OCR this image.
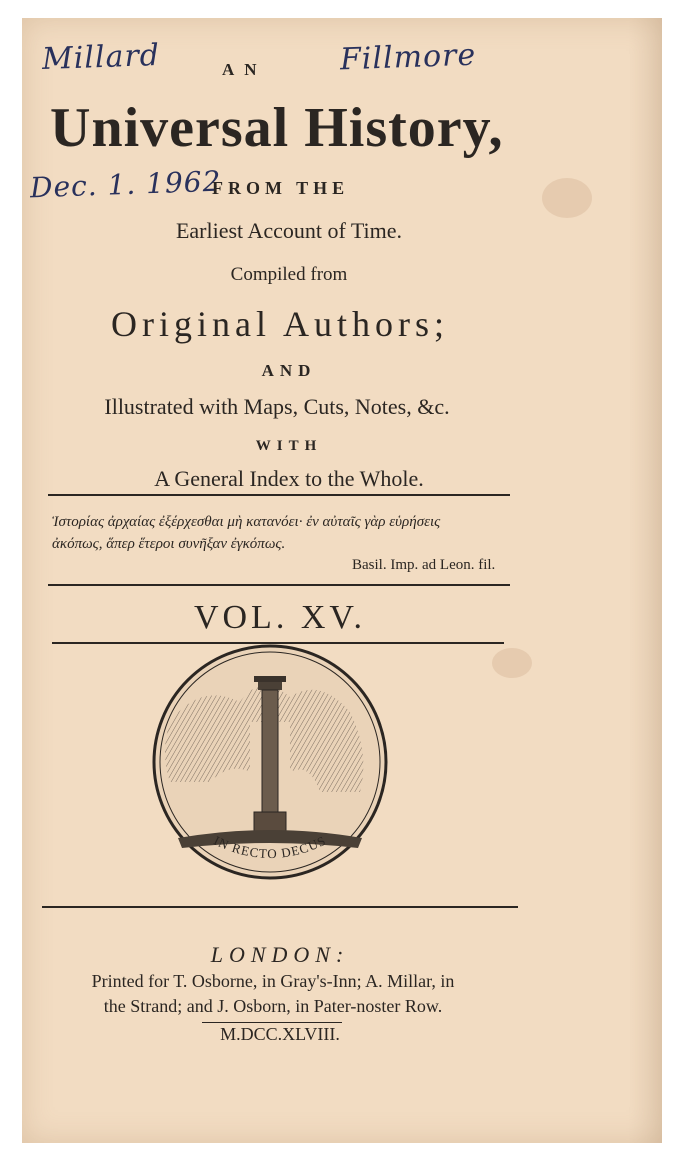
Millard	Fillmore
Dec. 1. 1962
AN
Universal History,
FROM THE
Earliest Account of Time.
Compiled from
Original Authors;
AND
Illustrated with Maps, Cuts, Notes, &c.
WITH
A General Index to the Whole.
Ἱστορίας ἀρχαίας ἐξέρχεσθαι μὴ κατανόει· ἐν αὐταῖς γὰρ εὑρήσεις
ἀκόπως, ἅπερ ἕτεροι συνῆξαν ἐγκόπως.
Basil. Imp. ad Leon. fil.
VOL. XV.
IN RECTO DECUS
LONDON:
Printed for T. Osborne, in Gray's-Inn; A. Millar, in
the Strand; and J. Osborn, in Pater-noster Row.
M.DCC.XLVIII.
